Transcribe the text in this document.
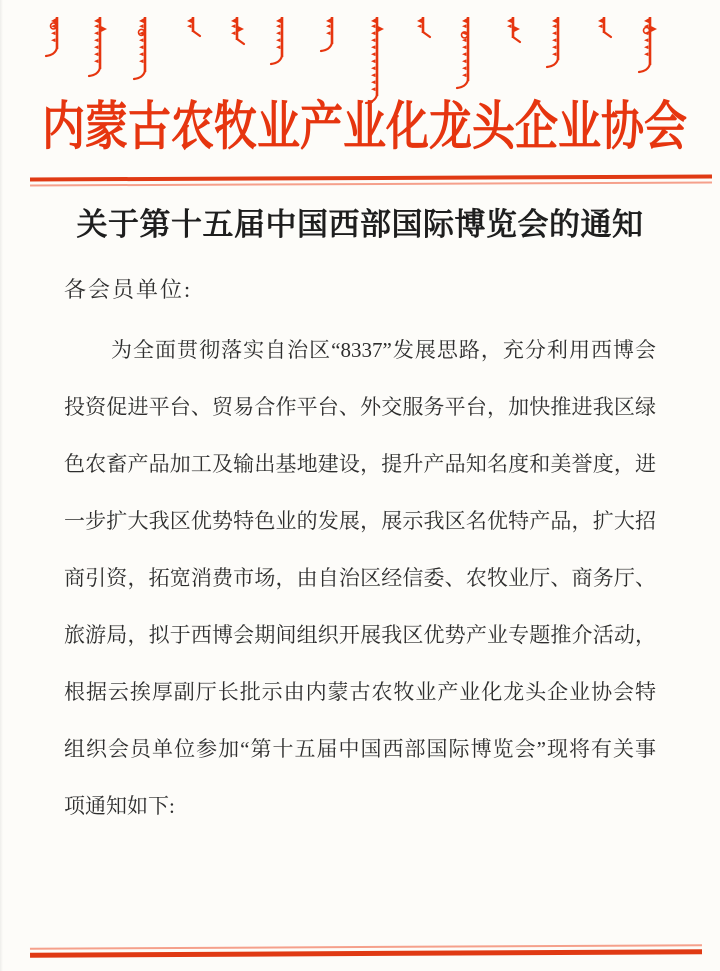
内 蒙 古 农 牧 业 产 业 化 龙 头 企 业 协 会
关于第十五届中国西部国际博览会的通知
各会员单位:
为全面贯彻落实自治区“8337”发展思路，充分利用西博会
投资促进平台、贸易合作平台、外交服务平台，加快推进我区绿
色农畜产品加工及输出基地建设，提升产品知名度和美誉度，进
一步扩大我区优势特色业的发展，展示我区名优特产品，扩大招
商引资，拓宽消费市场，由自治区经信委、农牧业厅、商务厅、
旅游局，拟于西博会期间组织开展我区优势产业专题推介活动，
根据云挨厚副厅长批示由内蒙古农牧业产业化龙头企业协会特
组织会员单位参加“第十五届中国西部国际博览会”现将有关事
项通知如下:
